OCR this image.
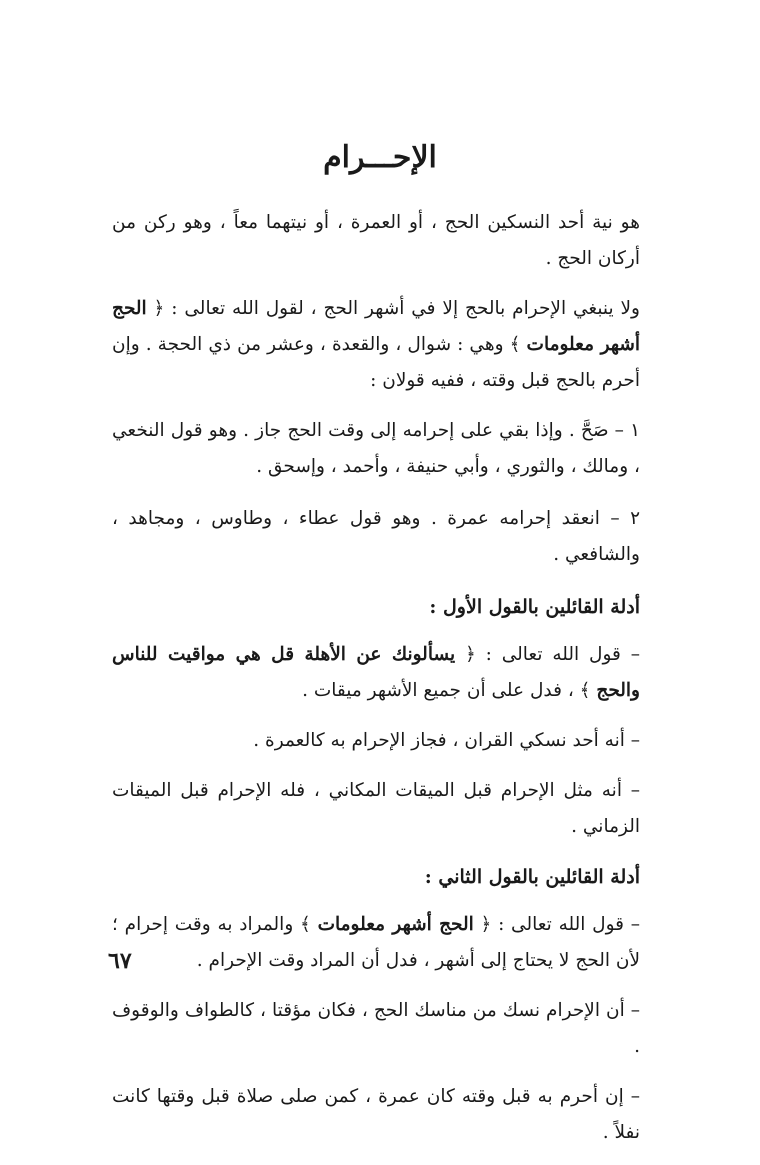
الإحـــرام

هو نية أحد النسكين الحج ، أو العمرة ، أو نيتهما معاً ، وهو ركن من أركان الحج .

ولا ينبغي الإحرام بالحج إلا في أشهر الحج ، لقول الله تعالى : ﴿ الحج أشهر معلومات ﴾ وهي : شوال ، والقعدة ، وعشر من ذي الحجة . وإن أحرم بالحج قبل وقته ، ففيه قولان :

١ – صَحَّ . وإذا بقي على إحرامه إلى وقت الحج جاز . وهو قول النخعي ، ومالك ، والثوري ، وأبي حنيفة ، وأحمد ، وإسحق .

٢ – انعقد إحرامه عمرة . وهو قول عطاء ، وطاوس ، ومجاهد ، والشافعي .

أدلة القائلين بالقول الأول :

– قول الله تعالى : ﴿ يسألونك عن الأهلة قل هي مواقيت للناس والحج ﴾ ، فدل على أن جميع الأشهر ميقات .

– أنه أحد نسكي القران ، فجاز الإحرام به كالعمرة .

– أنه مثل الإحرام قبل الميقات المكاني ، فله الإحرام قبل الميقات الزماني .

أدلة القائلين بالقول الثاني :

– قول الله تعالى : ﴿ الحج أشهر معلومات ﴾ والمراد به وقت إحرام ؛ لأن الحج لا يحتاج إلى أشهر ، فدل أن المراد وقت الإحرام .

– أن الإحرام نسك من مناسك الحج ، فكان مؤقتا ، كالطواف والوقوف .

– إن أحرم به قبل وقته كان عمرة ، كمن صلى صلاة قبل وقتها كانت نفلاً .

٦٧
